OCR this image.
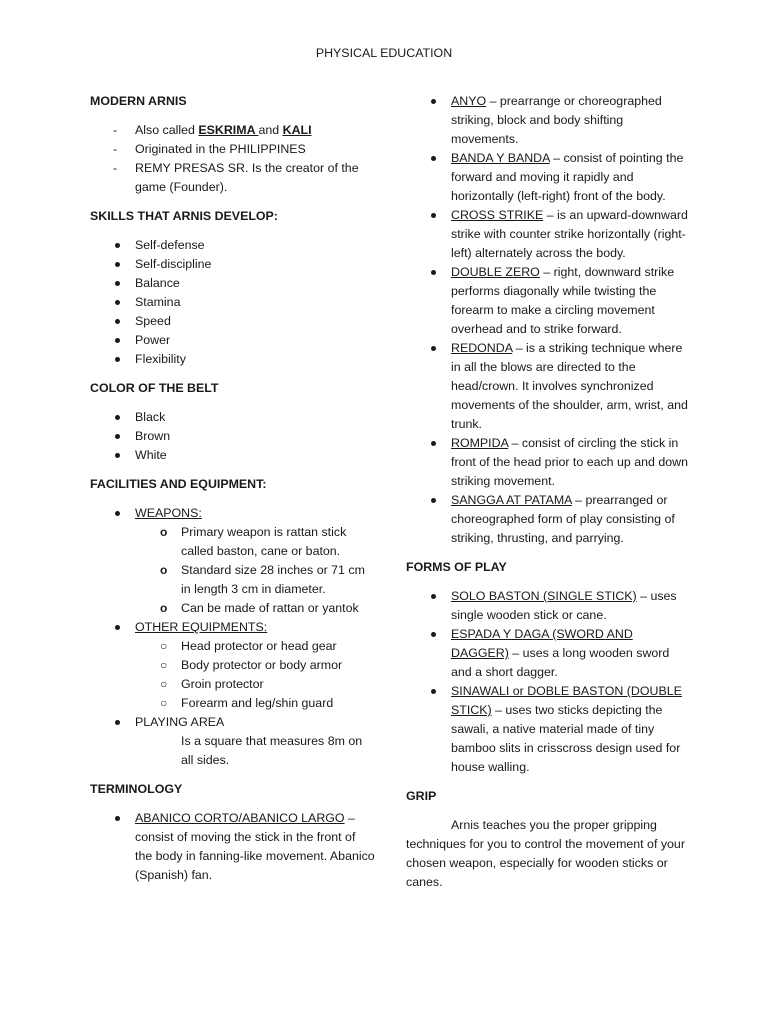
PHYSICAL EDUCATION

MODERN ARNIS

- Also called ESKRIMA and KALI
- Originated in the PHILIPPINES
- REMY PRESAS SR. Is the creator of the game (Founder).

SKILLS THAT ARNIS DEVELOP:

Self-defense
Self-discipline
Balance
Stamina
Speed
Power
Flexibility

COLOR OF THE BELT

Black
Brown
White

FACILITIES AND EQUIPMENT:

WEAPONS:
o Primary weapon is rattan stick called baston, cane or baton.
o Standard size 28 inches or 71 cm in length 3 cm in diameter.
o Can be made of rattan or yantok
OTHER EQUIPMENTS:
○ Head protector or head gear
○ Body protector or body armor
○ Groin protector
○ Forearm and leg/shin guard
PLAYING AREA
Is a square that measures 8m on all sides.

TERMINOLOGY

ABANICO CORTO/ABANICO LARGO – consist of moving the stick in the front of the body in fanning-like movement. Abanico (Spanish) fan.
ANYO – prearrange or choreographed striking, block and body shifting movements.
BANDA Y BANDA – consist of pointing the forward and moving it rapidly and horizontally (left-right) front of the body.
CROSS STRIKE – is an upward-downward strike with counter strike horizontally (right-left) alternately across the body.
DOUBLE ZERO – right, downward strike performs diagonally while twisting the forearm to make a circling movement overhead and to strike forward.
REDONDA – is a striking technique where in all the blows are directed to the head/crown. It involves synchronized movements of the shoulder, arm, wrist, and trunk.
ROMPIDA – consist of circling the stick in front of the head prior to each up and down striking movement.
SANGGA AT PATAMA – prearranged or choreographed form of play consisting of striking, thrusting, and parrying.

FORMS OF PLAY

SOLO BASTON (SINGLE STICK) – uses single wooden stick or cane.
ESPADA Y DAGA (SWORD AND DAGGER) – uses a long wooden sword and a short dagger.
SINAWALI or DOBLE BASTON (DOUBLE STICK) – uses two sticks depicting the sawali, a native material made of tiny bamboo slits in crisscross design used for house walling.

GRIP

Arnis teaches you the proper gripping techniques for you to control the movement of your chosen weapon, especially for wooden sticks or canes.
